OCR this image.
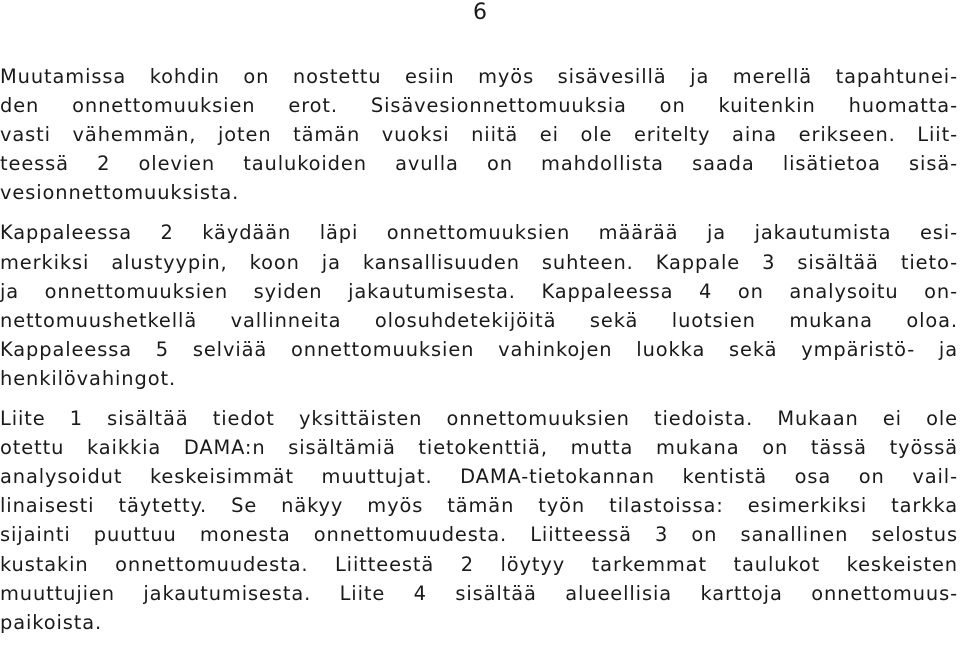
6

Muutamissa kohdin on nostettu esiin myös sisävesillä ja merellä tapahtunei-
den onnettomuuksien erot. Sisävesionnettomuuksia on kuitenkin huomatta-
vasti vähemmän, joten tämän vuoksi niitä ei ole eritelty aina erikseen. Liit-
teessä 2 olevien taulukoiden avulla on mahdollista saada lisätietoa sisä-
vesionnettomuuksista.

Kappaleessa 2 käydään läpi onnettomuuksien määrää ja jakautumista esi-
merkiksi alustyypin, koon ja kansallisuuden suhteen. Kappale 3 sisältää tieto-
ja onnettomuuksien syiden jakautumisesta. Kappaleessa 4 on analysoitu on-
nettomuushetkellä vallinneita olosuhdetekijöitä sekä luotsien mukana oloa.
Kappaleessa 5 selviää onnettomuuksien vahinkojen luokka sekä ympäristö- ja
henkilövahingot.

Liite 1 sisältää tiedot yksittäisten onnettomuuksien tiedoista. Mukaan ei ole
otettu kaikkia DAMA:n sisältämiä tietokenttiä, mutta mukana on tässä työssä
analysoidut keskeisimmät muuttujat. DAMA-tietokannan kentistä osa on vail-
linaisesti täytetty. Se näkyy myös tämän työn tilastoissa: esimerkiksi tarkka
sijainti puuttuu monesta onnettomuudesta. Liitteessä 3 on sanallinen selostus
kustakin onnettomuudesta. Liitteestä 2 löytyy tarkemmat taulukot keskeisten
muuttujien jakautumisesta. Liite 4 sisältää alueellisia karttoja onnettomuus-
paikoista.
